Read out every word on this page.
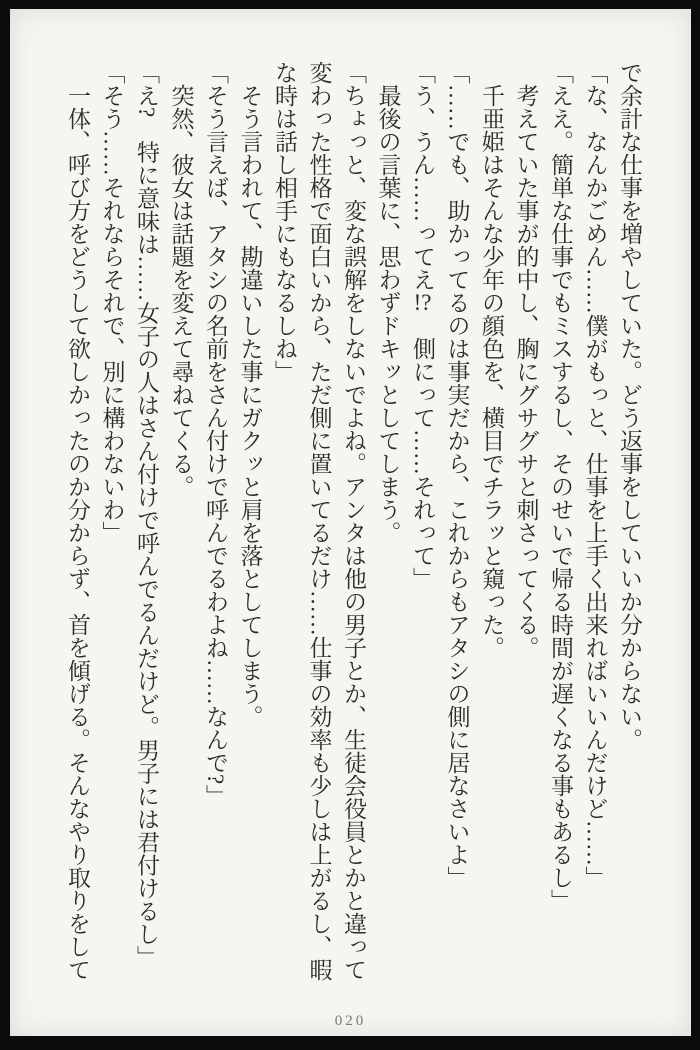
で余計な仕事を増やしていた。どう返事をしていいか分からない。

「な、なんかごめん……僕がもっと、仕事を上手く出来ればいいんだけど……」

「ええ。簡単な仕事でもミスするし、そのせいで帰る時間が遅くなる事もあるし」

考えていた事が的中し、胸にグサグサと刺さってくる。

千亜姫はそんな少年の顔色を、横目でチラッと窺った。

「……でも、助かってるのは事実だから、これからもアタシの側に居なさいよ」

「う、うん……ってえ!?　側にって……それって」

最後の言葉に、思わずドキッとしてしまう。

「ちょっと、変な誤解をしないでよね。アンタは他の男子とか、生徒会役員とかと違って変わった性格で面白いから、ただ側に置いてるだけ……仕事の効率も少しは上がるし、暇な時は話し相手にもなるしね」

そう言われて、勘違いした事にガクッと肩を落としてしまう。

「そう言えば、アタシの名前をさん付けで呼んでるわよね……なんで?」

突然、彼女は話題を変えて尋ねてくる。

「え?　特に意味は……女子の人はさん付けで呼んでるんだけど。男子には君付けるし」

「そう……それならそれで、別に構わないわ」

一体、呼び方をどうして欲しかったのか分からず、首を傾げる。そんなやり取りをして

020
